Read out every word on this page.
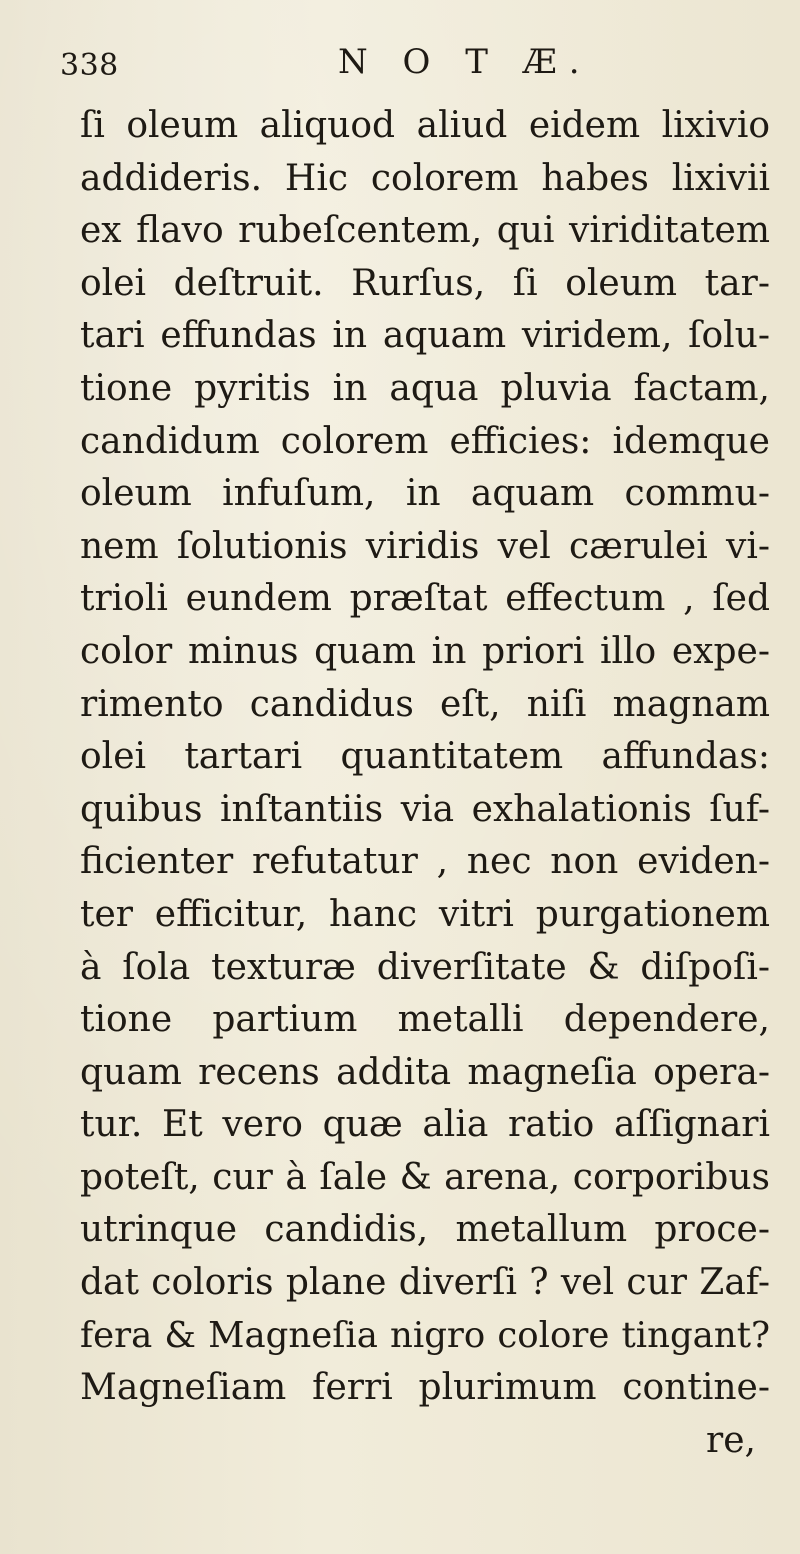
338	N O T Æ.
ſi oleum aliquod aliud eidem lixivio
addideris. Hic colorem habes lixivii
ex flavo rubeſcentem, qui viriditatem
olei deſtruit. Rurſus, ſi oleum tar-
tari effundas in aquam viridem, ſolu-
tione pyritis in aqua pluvia factam,
candidum colorem efficies: idemque
oleum infuſum, in aquam commu-
nem ſolutionis viridis vel cærulei vi-
trioli eundem præſtat effectum , ſed
color minus quam in priori illo expe-
rimento candidus eſt, niſi magnam
olei tartari quantitatem affundas:
quibus inſtantiis via exhalationis ſuf-
ficienter refutatur , nec non eviden-
ter efficitur, hanc vitri purgationem
à ſola texturæ diverſitate & diſpoſi-
tione partium metalli dependere,
quam recens addita magneſia opera-
tur. Et vero quæ alia ratio aſſignari
poteſt, cur à ſale & arena, corporibus
utrinque candidis, metallum proce-
dat coloris plane diverſi ? vel cur Zaf-
fera & Magneſia nigro colore tingant?
Magneſiam ferri plurimum contine-
re,
